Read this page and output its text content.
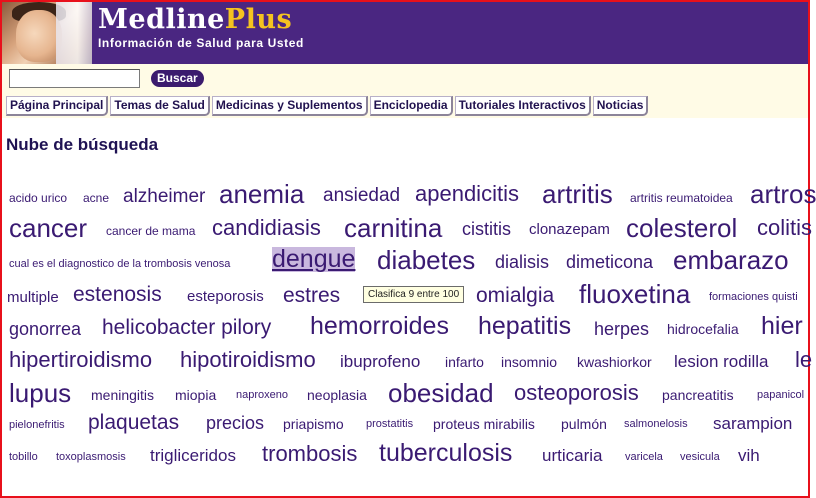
MedlinePlus
Información de Salud para Usted
Buscar
Página Principal Temas de Salud Medicinas y Suplementos Enciclopedia Tutoriales Interactivos Noticias
Nube de búsqueda
acido urico acne alzheimer anemia ansiedad apendicitis artritis artritis reumatoidea artros
cancer cancer de mama candidiasis carnitina cistitis clonazepam colesterol colitis
cual es el diagnostico de la trombosis venosa dengue diabetes dialisis dimeticona embarazo
multiple estenosis esteporosis estres	omialgia fluoxetina formaciones quisti
gonorrea helicobacter pilory hemorroides hepatitis herpes hidrocefalia hier
hipertiroidismo hipotiroidismo ibuprofeno infarto insomnio kwashiorkor lesion rodilla le
lupus meningitis miopia naproxeno neoplasia obesidad osteoporosis pancreatitis papanicol
pielonefritis plaquetas precios priapismo prostatitis proteus mirabilis pulmón salmonelosis sarampion
tobillo toxoplasmosis trigliceridos trombosis tuberculosis urticaria varicela vesicula vih
Clasifica 9 entre 100
